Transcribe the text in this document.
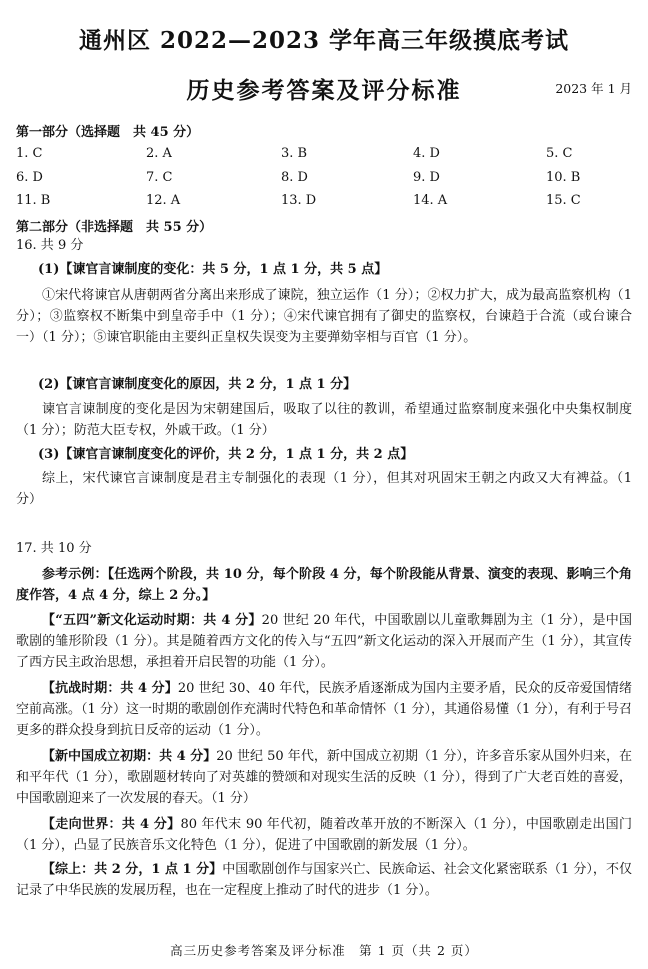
通州区 2022—2023 学年高三年级摸底考试
历史参考答案及评分标准	2023 年 1 月
第一部分（选择题　共 45 分）
1. C	2. A	3. B	4. D	5. C
6. D	7. C	8. D	9. D	10. B
11. B	12. A	13. D	14. A	15. C
第二部分（非选择题　共 55 分）
16. 共 9 分
(1)【谏官言谏制度的变化：共 5 分，1 点 1 分，共 5 点】
①宋代将谏官从唐朝两省分离出来形成了谏院，独立运作（1 分）；②权力扩大，成为最高监察机构（1 分）；③监察权不断集中到皇帝手中（1 分）；④宋代谏官拥有了御史的监察权，台谏趋于合流（或台谏合一）（1 分）；⑤谏官职能由主要纠正皇权失误变为主要弹劾宰相与百官（1 分）。
(2)【谏官言谏制度变化的原因，共 2 分，1 点 1 分】
谏官言谏制度的变化是因为宋朝建国后，吸取了以往的教训，希望通过监察制度来强化中央集权制度（1 分）；防范大臣专权，外戚干政。（1 分）
(3)【谏官言谏制度变化的评价，共 2 分，1 点 1 分，共 2 点】
综上，宋代谏官言谏制度是君主专制强化的表现（1 分），但其对巩固宋王朝之内政又大有裨益。（1 分）
17. 共 10 分
参考示例：【任选两个阶段，共 10 分，每个阶段 4 分，每个阶段能从背景、演变的表现、影响三个角度作答，4 点 4 分，综上 2 分。】
【“五四”新文化运动时期：共 4 分】20 世纪 20 年代，中国歌剧以儿童歌舞剧为主（1 分），是中国歌剧的雏形阶段（1 分）。其是随着西方文化的传入与“五四”新文化运动的深入开展而产生（1 分），其宣传了西方民主政治思想，承担着开启民智的功能（1 分）。
【抗战时期：共 4 分】20 世纪 30、40 年代，民族矛盾逐渐成为国内主要矛盾，民众的反帝爱国情绪空前高涨。（1 分）这一时期的歌剧创作充满时代特色和革命情怀（1 分），其通俗易懂（1 分），有利于号召更多的群众投身到抗日反帝的运动（1 分）。
【新中国成立初期：共 4 分】20 世纪 50 年代，新中国成立初期（1 分），许多音乐家从国外归来，在和平年代（1 分），歌剧题材转向了对英雄的赞颂和对现实生活的反映（1 分），得到了广大老百姓的喜爱，中国歌剧迎来了一次发展的春天。（1 分）
【走向世界：共 4 分】80 年代末 90 年代初，随着改革开放的不断深入（1 分），中国歌剧走出国门（1 分），凸显了民族音乐文化特色（1 分），促进了中国歌剧的新发展（1 分）。
【综上：共 2 分，1 点 1 分】中国歌剧创作与国家兴亡、民族命运、社会文化紧密联系（1 分），不仅记录了中华民族的发展历程，也在一定程度上推动了时代的进步（1 分）。
高三历史参考答案及评分标准　第 1 页（共 2 页）
